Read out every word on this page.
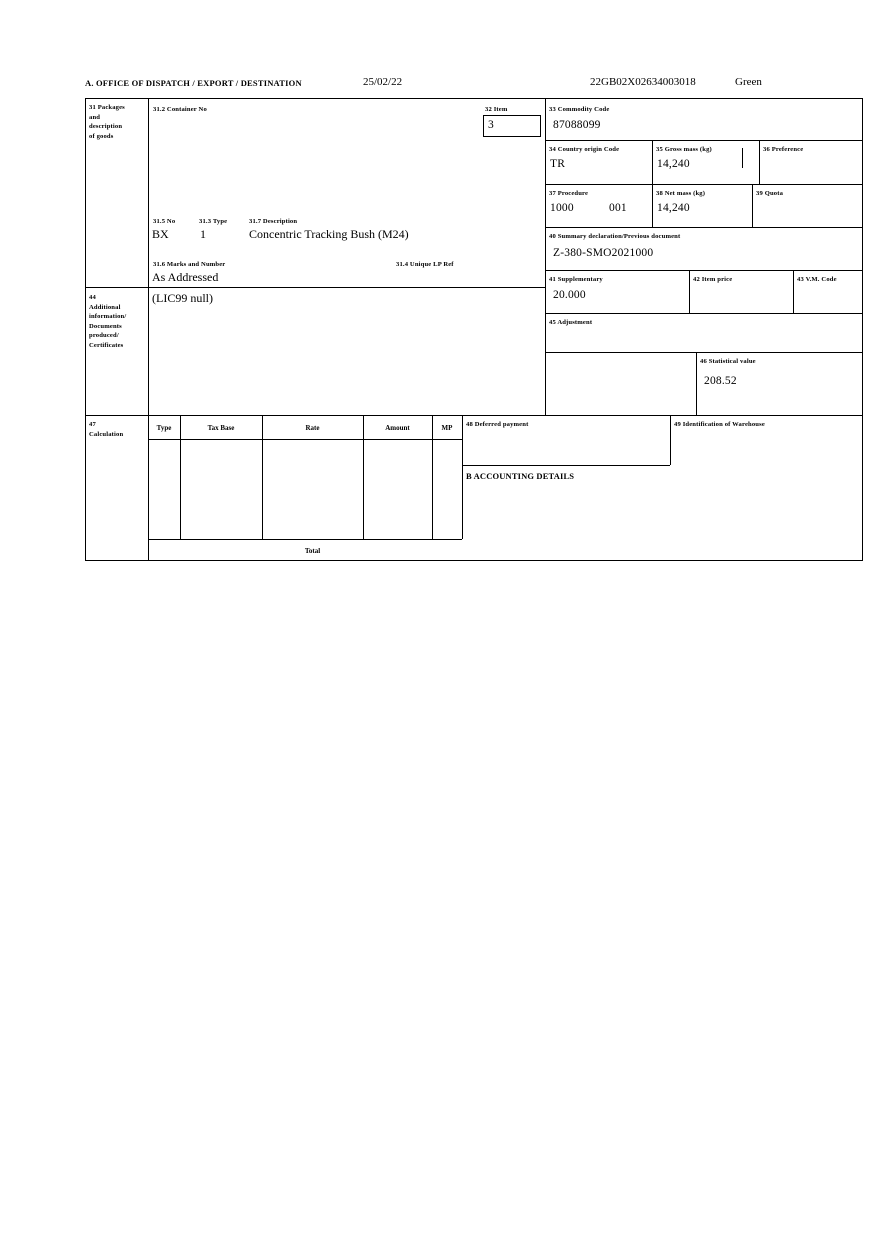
A. OFFICE OF DISPATCH / EXPORT / DESTINATION	25/02/22	22GB02X02634003018	Green
31 Packages
and
description
of goods
31.2 Container No	32 Item
3
31.5 No	31.3 Type	31.7 Description
BX	1	Concentric Tracking Bush (M24)
31.6 Marks and Number	31.4 Unique LP Ref
As Addressed
44
Additional
information/
Documents
produced/
Certificates
(LIC99 null)
33 Commodity Code
87088099
34 Country origin Code
TR
35 Gross mass (kg)
14,240
36 Preference
37 Procedure
1000	001
38 Net mass (kg)
14,240
39 Quota
40 Summary declaration/Previous document
Z-380-SMO2021000
41 Supplementary
20.000
42 Item price	43 V.M. Code
45 Adjustment
46 Statistical value
208.52
47
Calculation
Type	Tax Base	Rate	Amount	MP
Total
48 Deferred payment	49 Identification of Warehouse
B ACCOUNTING DETAILS
